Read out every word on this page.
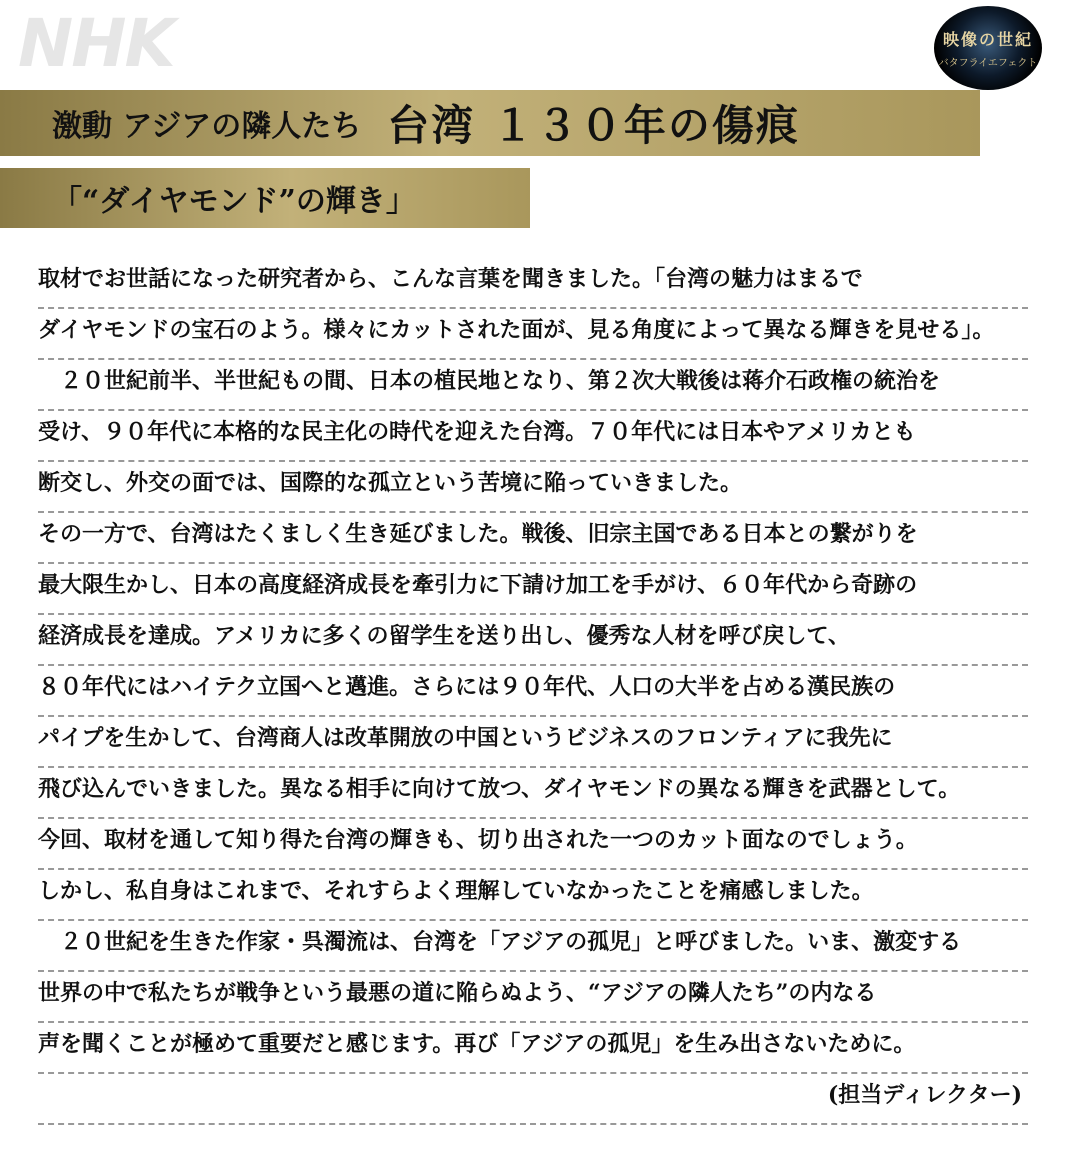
NHK	映像の世紀
バタフライエフェクト
激動 アジアの隣人たち 台湾 １３０年の傷痕
「“ダイヤモンド”の輝き」
取材でお世話になった研究者から、こんな言葉を聞きました。「台湾の魅力はまるで
ダイヤモンドの宝石のよう。様々にカットされた面が、見る角度によって異なる輝きを見せる」。
　２０世紀前半、半世紀もの間、日本の植民地となり、第２次大戦後は蒋介石政権の統治を
受け、９０年代に本格的な民主化の時代を迎えた台湾。７０年代には日本やアメリカとも
断交し、外交の面では、国際的な孤立という苦境に陥っていきました。
その一方で、台湾はたくましく生き延びました。戦後、旧宗主国である日本との繋がりを
最大限生かし、日本の高度経済成長を牽引力に下請け加工を手がけ、６０年代から奇跡の
経済成長を達成。アメリカに多くの留学生を送り出し、優秀な人材を呼び戻して、
８０年代にはハイテク立国へと邁進。さらには９０年代、人口の大半を占める漢民族の
パイプを生かして、台湾商人は改革開放の中国というビジネスのフロンティアに我先に
飛び込んでいきました。異なる相手に向けて放つ、ダイヤモンドの異なる輝きを武器として。
今回、取材を通して知り得た台湾の輝きも、切り出された一つのカット面なのでしょう。
しかし、私自身はこれまで、それすらよく理解していなかったことを痛感しました。
　２０世紀を生きた作家・呉濁流は、台湾を「アジアの孤児」と呼びました。いま、激変する
世界の中で私たちが戦争という最悪の道に陥らぬよう、“アジアの隣人たち”の内なる
声を聞くことが極めて重要だと感じます。再び「アジアの孤児」を生み出さないために。
(担当ディレクター)
